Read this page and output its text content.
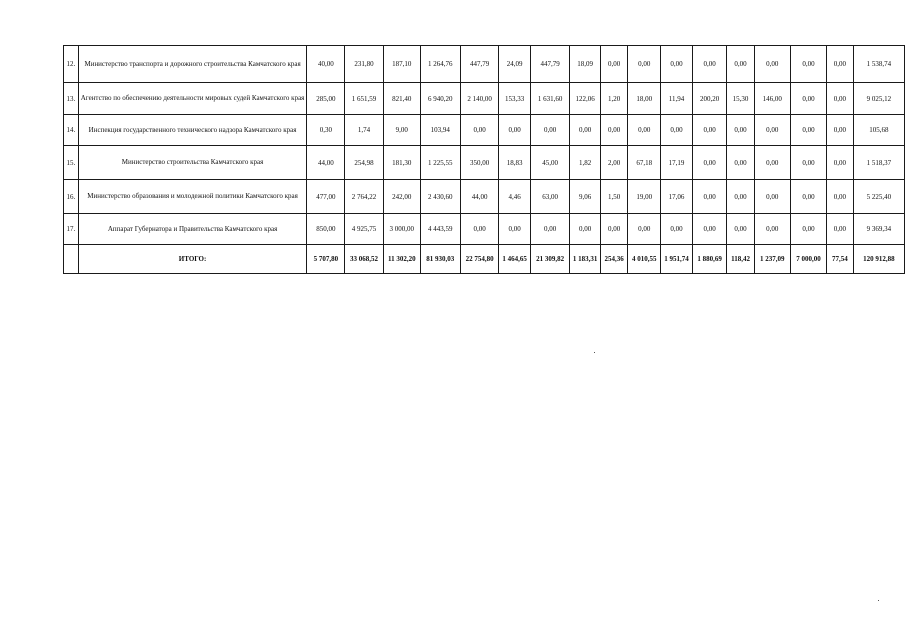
12.	Министерство транспорта и дорожного строительства Камчатского края	40,00	231,80	187,10	1 264,76	447,79	24,09	447,79	18,09	0,00	0,00	0,00	0,00	0,00	0,00	0,00	0,00	1 538,74
13.	Агентство по обеспечению деятельности мировых судей Камчатского края	285,00	1 651,59	821,40	6 940,20	2 140,00	153,33	1 631,60	122,06	1,20	18,00	11,94	200,20	15,30	146,00	0,00	0,00	9 025,12
14.	Инспекция государственного технического надзора Камчатского края	0,30	1,74	9,00	103,94	0,00	0,00	0,00	0,00	0,00	0,00	0,00	0,00	0,00	0,00	0,00	0,00	105,68
15.	Министерство строительства Камчатского края	44,00	254,98	181,30	1 225,55	350,00	18,83	45,00	1,82	2,00	67,18	17,19	0,00	0,00	0,00	0,00	0,00	1 518,37
16.	Министерство образования и молодежной политики Камчатского края	477,00	2 764,22	242,00	2 430,60	44,00	4,46	63,00	9,06	1,50	19,00	17,06	0,00	0,00	0,00	0,00	0,00	5 225,40
17.	Аппарат Губернатора и Правительства Камчатского края	850,00	4 925,75	3 000,00	4 443,59	0,00	0,00	0,00	0,00	0,00	0,00	0,00	0,00	0,00	0,00	0,00	0,00	9 369,34
	ИТОГО:	5 707,80	33 068,52	11 302,20	81 930,03	22 754,80	1 464,65	21 309,82	1 183,31	254,36	4 010,55	1 951,74	1 880,69	118,42	1 237,09	7 000,00	77,54	120 912,88
